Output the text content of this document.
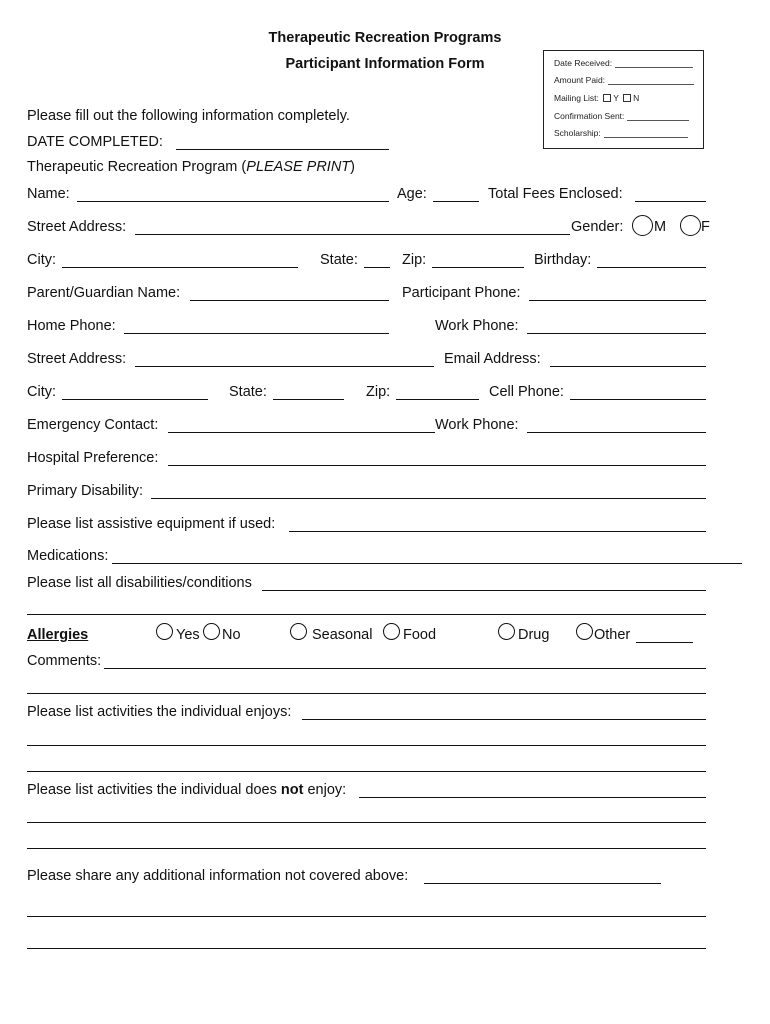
Therapeutic Recreation Programs
Participant Information Form	Date Received:
Amount Paid:
Mailing List: Y N
Confirmation Sent:
Scholarship:
Please fill out the following information completely.
DATE COMPLETED:
Therapeutic Recreation Program (PLEASE PRINT)
Name:	Age:	Total Fees Enclosed:
Street Address:	Gender: M F
City:	State:	Zip:	Birthday:
Parent/Guardian Name:	Participant Phone:
Home Phone:	Work Phone:
Street Address:	Email Address:
City:	State:	Zip:	Cell Phone:
Emergency Contact:	Work Phone:
Hospital Preference:
Primary Disability:
Please list assistive equipment if used:
Medications:
Please list all disabilities/conditions
Allergies	Yes No	Seasonal Food	Drug	Other
Comments:
Please list activities the individual enjoys:
Please list activities the individual does not enjoy:
Please share any additional information not covered above:
